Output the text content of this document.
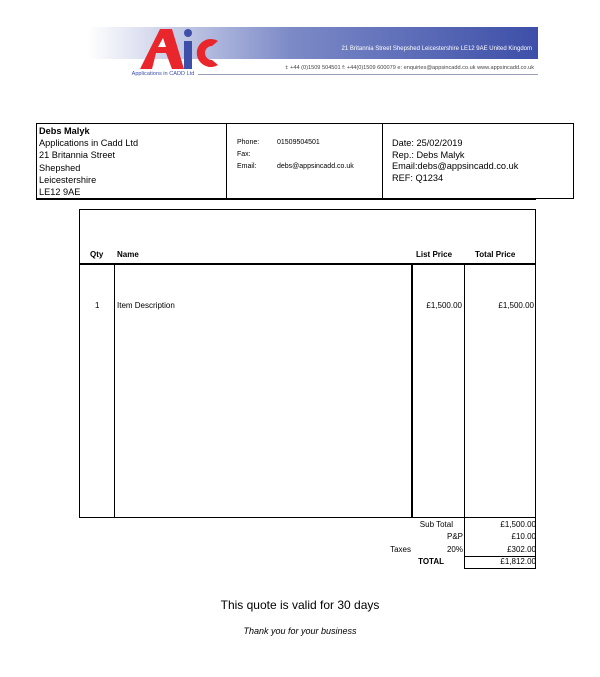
21 Britannia Street Shepshed Leicestershire LE12 9AE United Kingdom
t: +44 (0)1509 504501 f: +44(0)1509 600079 e: enquiries@appsincadd.co.uk www.appsincadd.co.uk
Applications in CADD Ltd
Debs Malyk
Applications in Cadd Ltd
21 Britannia Street
Shepshed
Leicestershire
LE12 9AE
Phone:	01509504501
Fax:
Email:	debs@appsincadd.co.uk
Date: 25/02/2019
Rep.: Debs Malyk
Email:debs@appsincadd.co.uk
REF: Q1234
Qty Name	List Price	Total Price
1 Item Description	£1,500.00	£1,500.00
Sub Total	£1,500.00
P&P	£10.00
Taxes	20%	£302.00
TOTAL	£1,812.00
This quote is valid for 30 days
Thank you for your business
